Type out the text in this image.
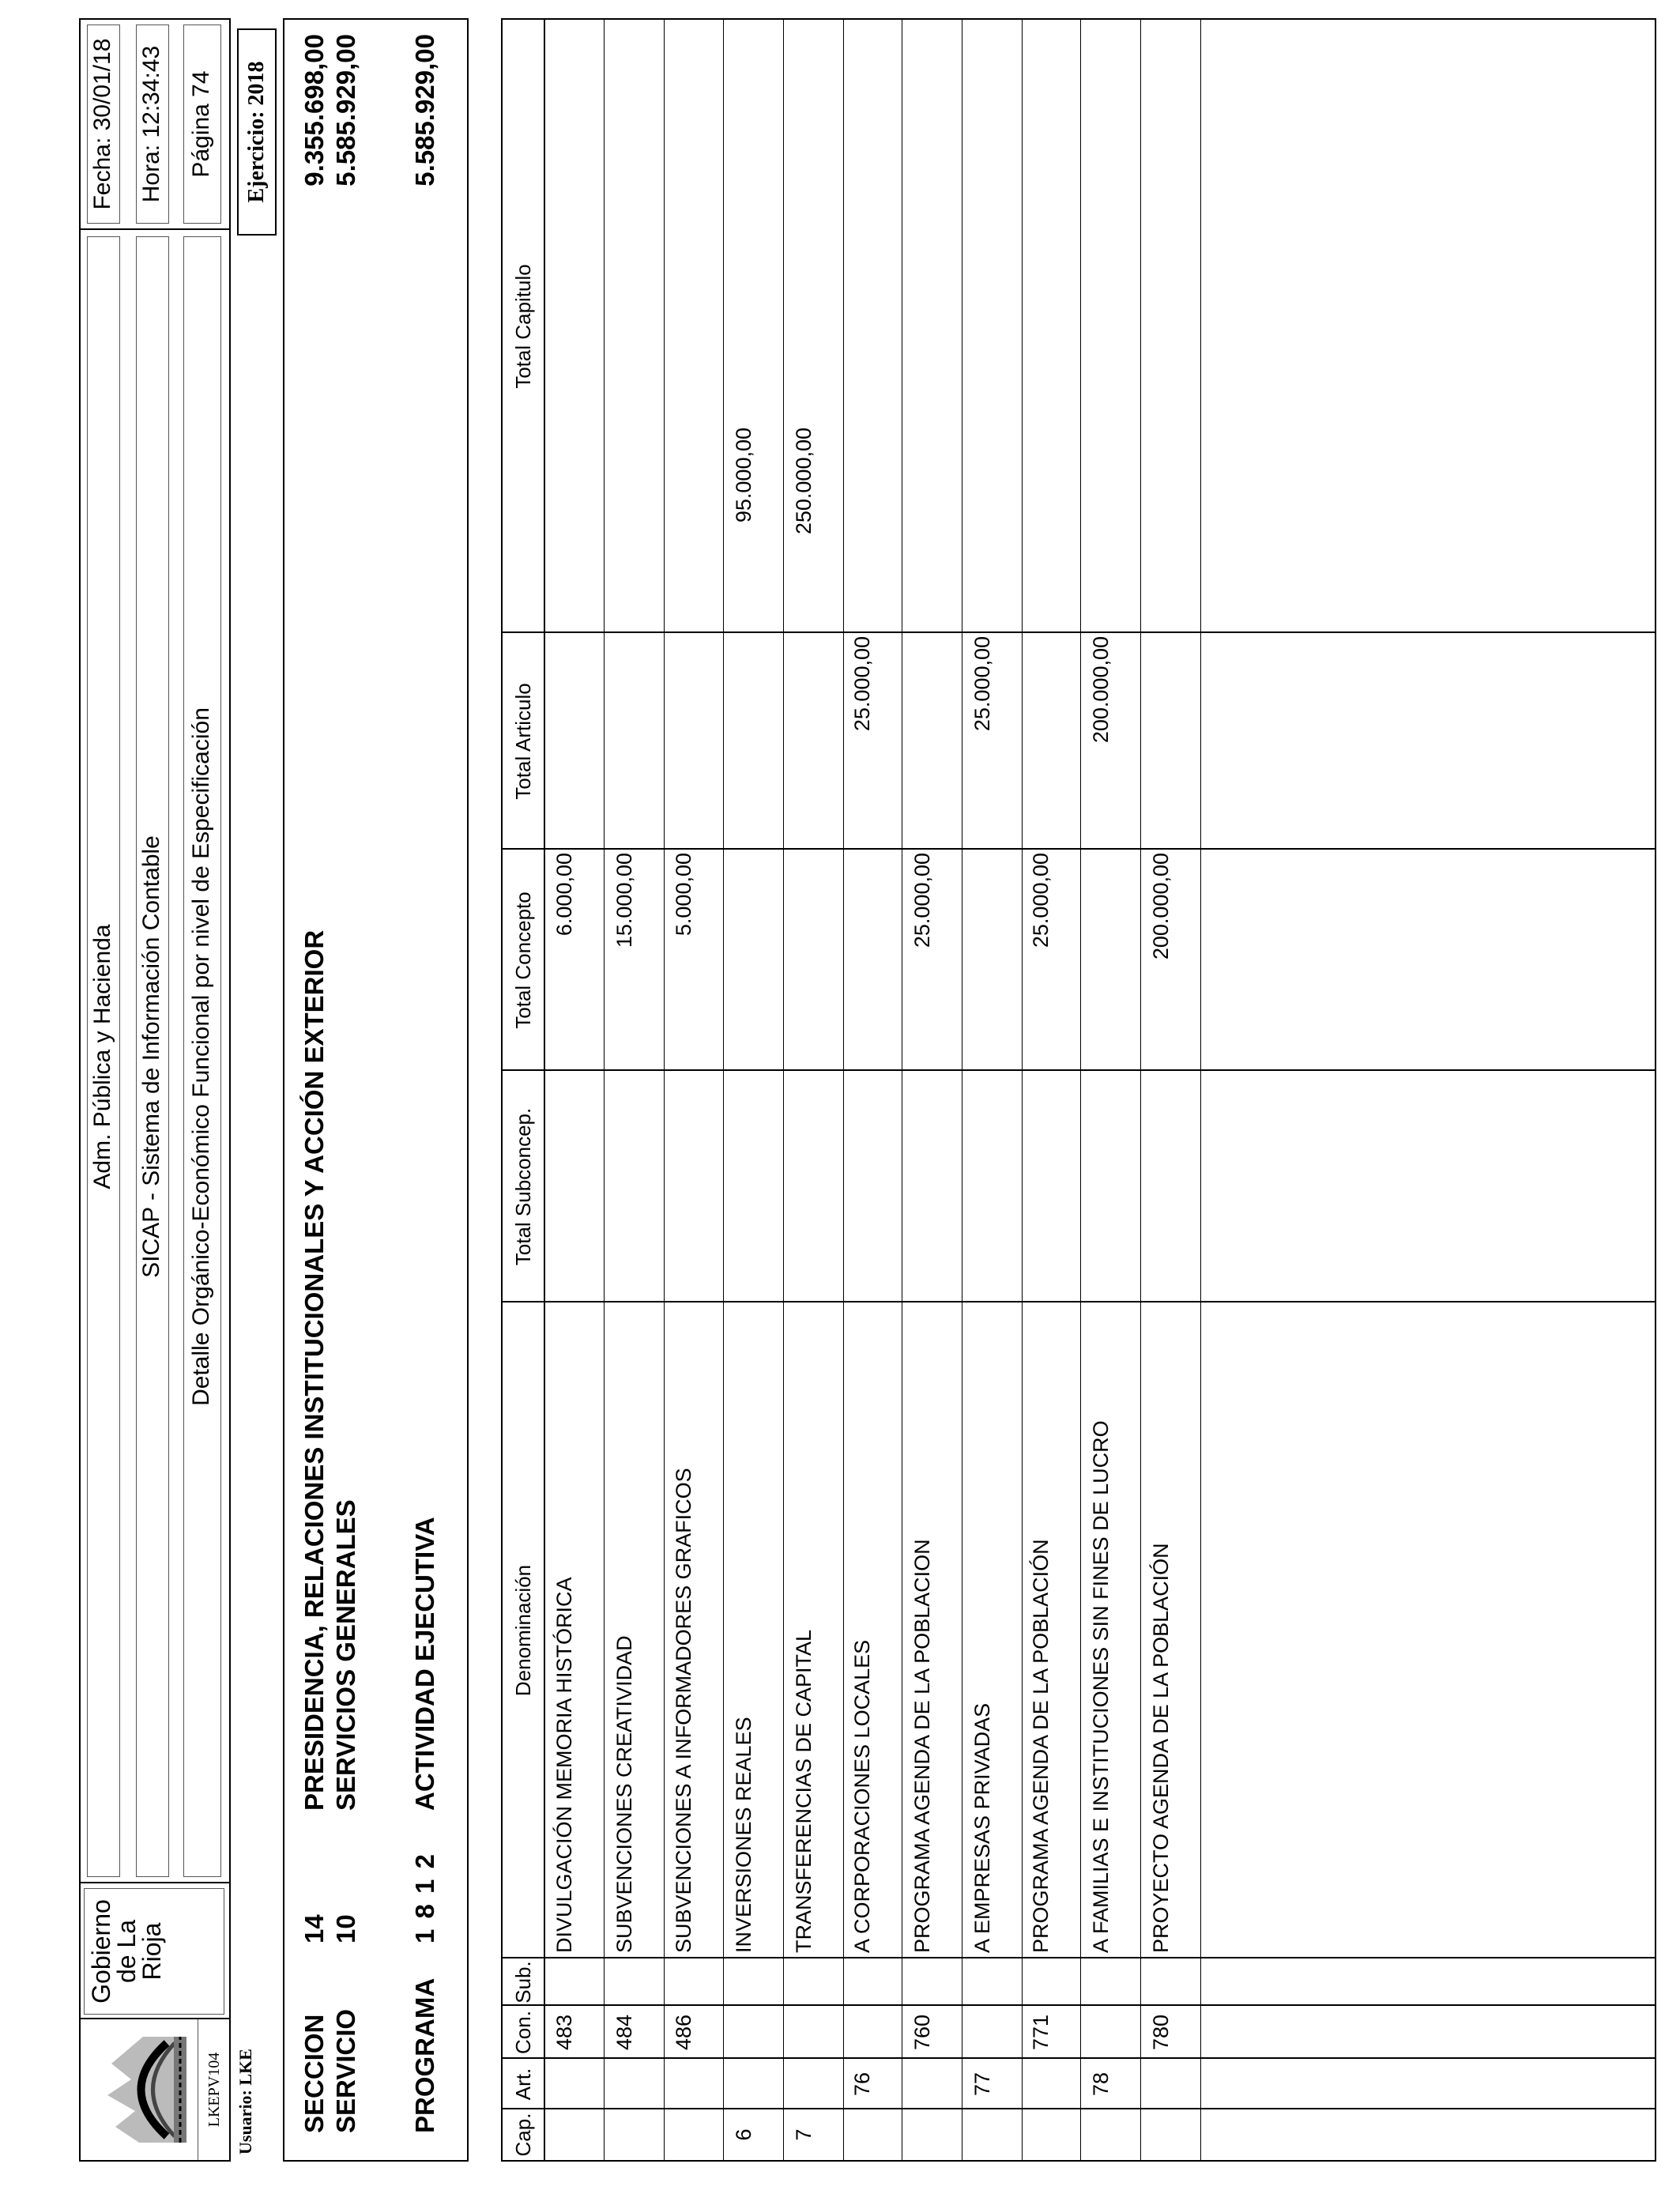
LKEPV104
Gobierno
de La
Rioja
Adm. Pública y Hacienda SICAP - Sistema de Información Contable Detalle Orgánico-Económico Funcional por nivel de Especificación
Fecha: 30/01/18 Hora: 12:34:43 Página 74
Usuario: LKE
Ejercicio: 2018
SECCION
14
PRESIDENCIA, RELACIONES INSTITUCIONALES Y ACCIÓN EXTERIOR
9.355.698,00
SERVICIO
10
SERVICIOS GENERALES
5.585.929,00
PROGRAMA
1 8 1 2
ACTIVIDAD EJECUTIVA
5.585.929,00
Cap.
Art.
Con.
Sub.
Denominación
Total Subconcep.
Total Concepto
Total Articulo
Total Capitulo
483
DIVULGACIÓN MEMORIA HISTÓRICA
6.000,00
484
SUBVENCIONES CREATIVIDAD
15.000,00
486
SUBVENCIONES A INFORMADORES GRAFICOS
5.000,00
6
INVERSIONES REALES
95.000,00
7
TRANSFERENCIAS DE CAPITAL
250.000,00
76
A CORPORACIONES LOCALES
25.000,00
760
PROGRAMA AGENDA DE LA POBLACION
25.000,00
77
A EMPRESAS PRIVADAS
25.000,00
771
PROGRAMA AGENDA DE LA POBLACIÓN
25.000,00
78
A FAMILIAS E INSTITUCIONES SIN FINES DE LUCRO
200.000,00
780
PROYECTO AGENDA DE LA POBLACIÓN
200.000,00
